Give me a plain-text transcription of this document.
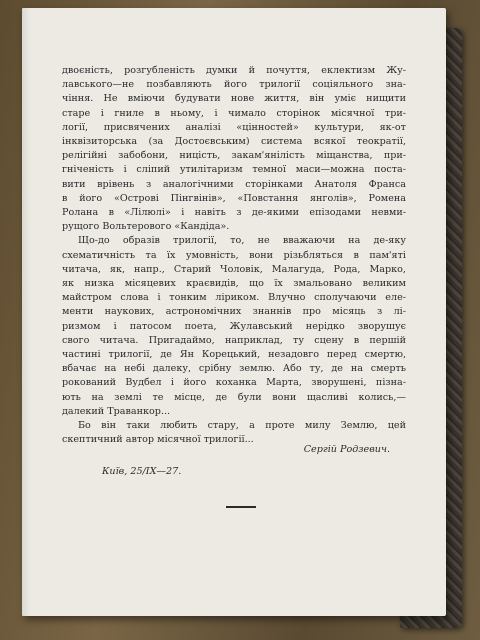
двоєність, розгубленість думки й почуття, еклектизм Жу-
лавського—не позбавляють його трилогії соціяльного зна-
чіння. Не вміючи будувати нове життя, він уміє нищити
старе і гниле в ньому, і чимало сторінок місячної три-
логії, присвячених аналізі «цінностей» культури, як-от
інквізиторська (за Достоєвським) система всякої теократії,
релігійні забобони, ницість, закам'янілість міщанства, при-
гніченість і сліпий утилітаризм темної маси—можна поста-
вити врівень з аналогічними сторінками Анатоля Франса
в його «Острові Пінгвінів», «Повстання янголів», Ромена
Ролана в «Лілюлі» і навіть з де-якими епізодами невми-
рущого Вольтерового «Кандіда».
Що-до образів трилогії, то, не вважаючи на де-яку
схематичність та їх умовність, вони різьбляться в пам'яті
читача, як, напр., Старий Чоловік, Малагуда, Рода, Марко,
як низка місяцевих краєвидів, що їх змальовано великим
майстром слова і тонким ліриком. Влучно сполучаючи еле-
менти наукових, астрономічних знаннів про місяць з лі-
ризмом і патосом поета, Жулавський нерідко зворушує
свого читача. Пригадаймо, наприклад, ту сцену в першій
частині трилогії, де Ян Корецький, незадовго перед смертю,
вбачає на небі далеку, срібну землю. Або ту, де на смерть
рокований Вудбел і його коханка Марта, зворушені, пізна-
ють на землі те місце, де були вони щасливі колись,—
далекий Траванкор...
Бо він таки любить стару, а проте милу Землю, цей
скептичний автор місячної трилогії...
Сергій Родзевич.
Київ, 25/IX—27.
